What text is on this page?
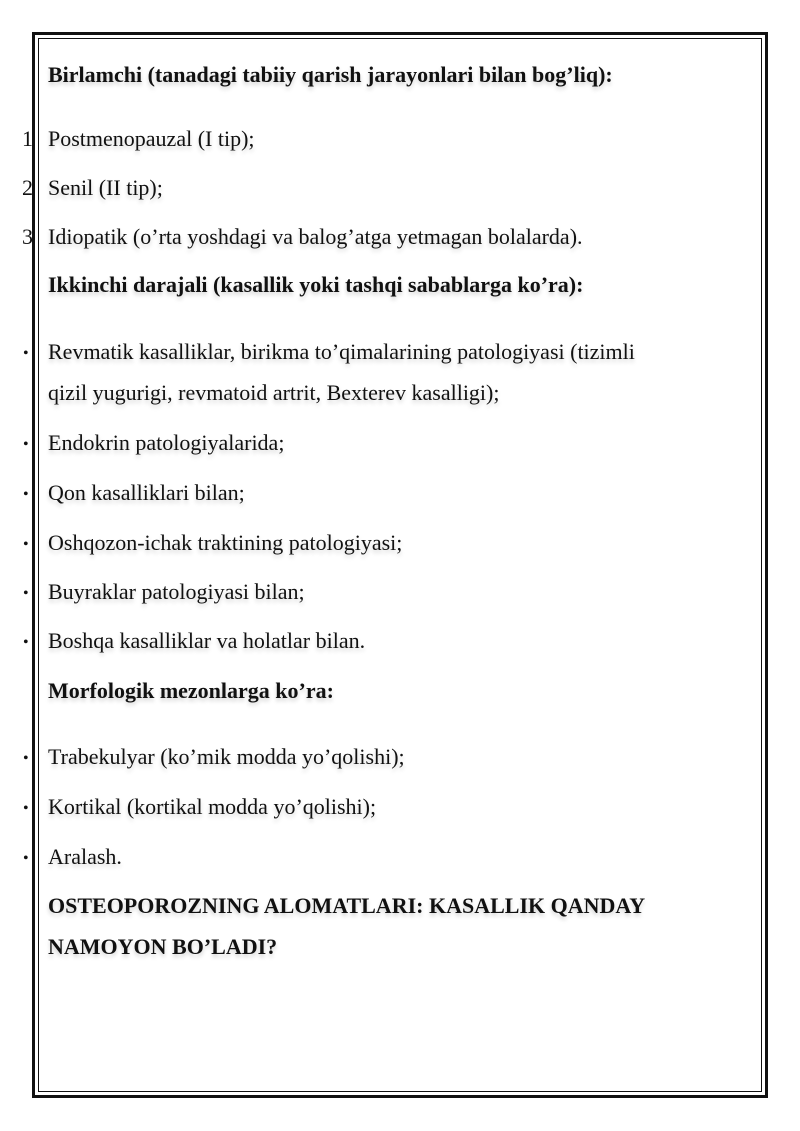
Birlamchi (tanadagi tabiiy qarish jarayonlari bilan bog’liq):
1 Postmenopauzal (I tip);
2 Senil (II tip);
3 Idiopatik (o’rta yoshdagi va balog’atga yetmagan bolalarda).
Ikkinchi darajali (kasallik yoki tashqi sabablarga ko’ra):
• Revmatik kasalliklar, birikma to’qimalarining patologiyasi (tizimli
qizil yugurigi, revmatoid artrit, Bexterev kasalligi);
• Endokrin patologiyalarida;
• Qon kasalliklari bilan;
• Oshqozon-ichak traktining patologiyasi;
• Buyraklar patologiyasi bilan;
• Boshqa kasalliklar va holatlar bilan.
Morfologik mezonlarga ko’ra:
• Trabekulyar (ko’mik modda yo’qolishi);
• Kortikal (kortikal modda yo’qolishi);
• Aralash.
OSTEOPOROZNING ALOMATLARI: KASALLIK QANDAY
NAMOYON BO’LADI?
